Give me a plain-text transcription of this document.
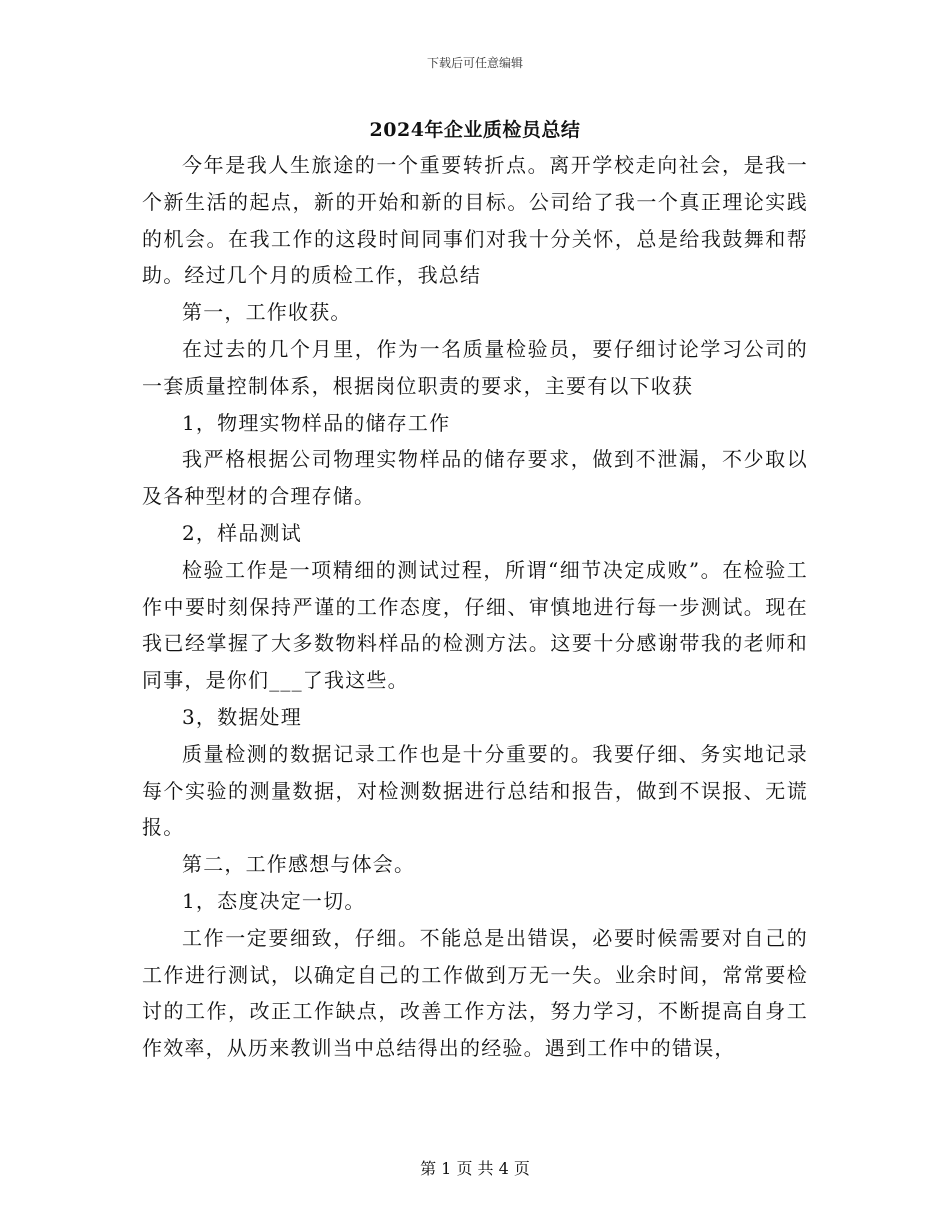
下载后可任意编辑
2024年企业质检员总结

今年是我人生旅途的一个重要转折点。离开学校走向社会，是我一个新生活的起点，新的开始和新的目标。公司给了我一个真正理论实践的机会。在我工作的这段时间同事们对我十分关怀，总是给我鼓舞和帮助。经过几个月的质检工作，我总结

第一，工作收获。

在过去的几个月里，作为一名质量检验员，要仔细讨论学习公司的一套质量控制体系，根据岗位职责的要求，主要有以下收获

1，物理实物样品的储存工作

我严格根据公司物理实物样品的储存要求，做到不泄漏，不少取以及各种型材的合理存储。

2，样品测试

检验工作是一项精细的测试过程，所谓“细节决定成败”。在检验工作中要时刻保持严谨的工作态度，仔细、审慎地进行每一步测试。现在我已经掌握了大多数物料样品的检测方法。这要十分感谢带我的老师和同事，是你们___了我这些。

3，数据处理

质量检测的数据记录工作也是十分重要的。我要仔细、务实地记录每个实验的测量数据，对检测数据进行总结和报告，做到不误报、无谎报。

第二，工作感想与体会。

1，态度决定一切。

工作一定要细致，仔细。不能总是出错误，必要时候需要对自己的工作进行测试，以确定自己的工作做到万无一失。业余时间，常常要检讨的工作，改正工作缺点，改善工作方法，努力学习，不断提高自身工作效率，从历来教训当中总结得出的经验。遇到工作中的错误，

第 1 页 共 4 页
